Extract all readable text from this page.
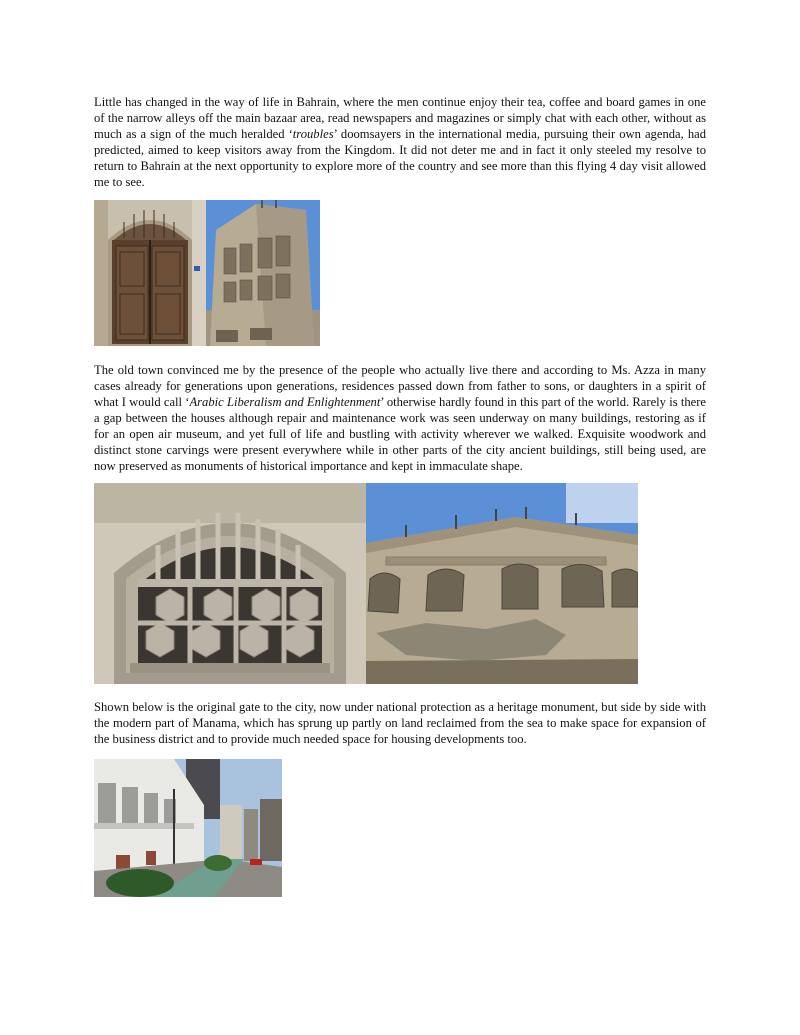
Little has changed in the way of life in Bahrain, where the men continue enjoy their tea, coffee and board games in one of the narrow alleys off the main bazaar area, read newspapers and magazines or simply chat with each other, without as much as a sign of the much heralded ‘troubles’ doomsayers in the international media, pursuing their own agenda, had predicted, aimed to keep visitors away from the Kingdom. It did not deter me and in fact it only steeled my resolve to return to Bahrain at the next opportunity to explore more of the country and see more than this flying 4 day visit allowed me to see.

The old town convinced me by the presence of the people who actually live there and according to Ms. Azza in many cases already for generations upon generations, residences passed down from father to sons, or daughters in a spirit of what I would call ‘Arabic Liberalism and Enlightenment’ otherwise hardly found in this part of the world. Rarely is there a gap between the houses although repair and maintenance work was seen underway on many buildings, restoring as if for an open air museum, and yet full of life and bustling with activity wherever we walked. Exquisite woodwork and distinct stone carvings were present everywhere while in other parts of the city ancient buildings, still being used, are now preserved as monuments of historical importance and kept in immaculate shape.

Shown below is the original gate to the city, now under national protection as a heritage monument, but side by side with the modern part of Manama, which has sprung up partly on land reclaimed from the sea to make space for expansion of the business district and to provide much needed space for housing developments too.
